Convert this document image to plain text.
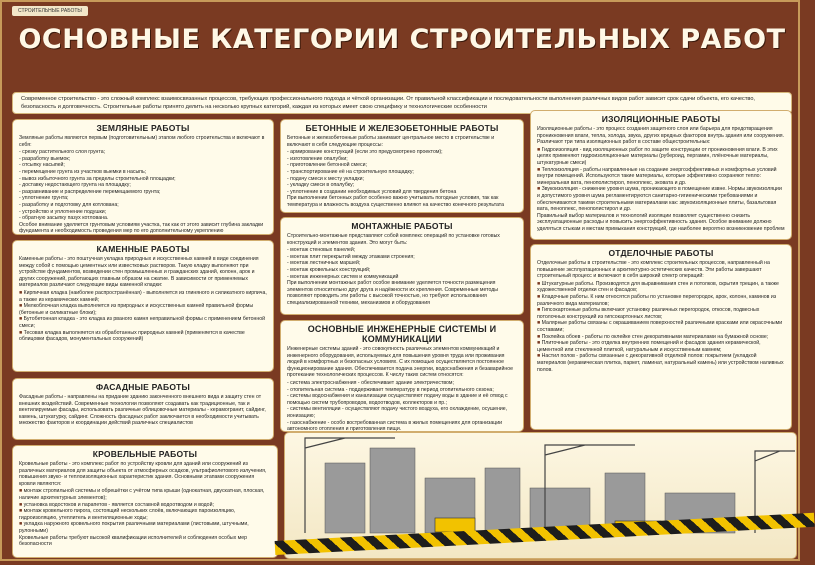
СТРОИТЕЛЬНЫЕ РАБОТЫ
ОСНОВНЫЕ КАТЕГОРИИ СТРОИТЕЛЬНЫХ РАБОТ
Современное строительство - это сложный комплекс взаимосвязанных процессов, требующих профессионального подхода и чёткой организации. От правильной классификации и последовательности выполнения различных видов работ зависит срок сдачи объекта, его качество, безопасность и долговечность. Строительные работы принято делить на несколько крупных категорий, каждая из которых имеет свою специфику и технологические особенности
ЗЕМЛЯНЫЕ РАБОТЫ

Земляные работы являются первым (подготовительным) этапом любого строительства и включают в себя:

- срезку растительного слоя грунта;
- разработку выемок;
- отсыпку насыпей;
- перемещение грунта из участков выемки в насыпь;
- вывоз избыточного грунта за пределы строительной площадки;
- доставку недостающего грунта на площадку;
- разравнивание и распределение перемещаемого грунта;
- уплотнение грунта;
- разработку и подготовку для котлована;
- устройство и уплотнение подушки;
- обратную засыпку пазух котлована.

Особое внимание уделяется грунтовым условиям участка, так как от этого зависит глубина закладки фундамента и необходимость проведения мер по его дополнительному укреплению

БЕТОННЫЕ И ЖЕЛЕЗОБЕТОННЫЕ РАБОТЫ

Бетонные и железобетонные работы занимают центральное место в строительстве и включают в себя следующие процессы:

- армирование конструкций (если это предусмотрено проектом);
- изготовление опалубки;
- приготовление бетонной смеси;
- транспортирование её на строительную площадку;
- подачу смеси к месту укладки;
- укладку смеси в опалубку;
- уплотнение в создании необходимых условий для твердения бетона

При выполнении бетонных работ особенно важно учитывать погодные условия, так как температура и влажность воздуха существенно влияют на качество конечного результата

МОНТАЖНЫЕ РАБОТЫ

Строительно-монтажные представляют собой комплекс операций по установке готовых конструкций и элементов здания. Это могут быть:

- монтаж стеновых панелей;
- монтаж плит перекрытий между этажами строения;
- монтаж лестничных маршей;
- монтаж кровельных конструкций;
- монтаж инженерных систем и коммуникаций

При выполнении монтажных работ особое внимание уделяется точности размещения элементов относительно друг друга и надёжности их крепления. Современные методы позволяют проводить эти работы с высокой точностью, но требуют использования специализированной техники, механизмов и оборудования

ИЗОЛЯЦИОННЫЕ РАБОТЫ

Изоляционные работы - это процесс создания защитного слоя или барьера для предотвращения проникновения влаги, тепла, холода, звука, других вредных факторов внутрь здания или сооружения. Различают три типа изоляционных работ в составе общестроительных:

■ Гидроизоляция - вид изоляционных работ по защите конструкции от проникновения влаги. В этих целях применяют гидроизоляционные материалы (рубероид, пергамин, плёночные материалы, штукатурные смеси)
■ Теплоизоляция - работы направленные на создание энергоэффективных и комфортных условий внутри помещений. Используются такие материалы, которые эффективно сохраняют тепло: минеральная вата, пенополистирол, пеноплекс, эковата и др.
■ Звукоизоляция - снижение уровня шума, проникающего в помещение извне. Нормы звукоизоляции и допустимого уровня шума регламентируются санитарно-гигиеническими требованиями и обеспечиваются такими строительными материалами как: звукоизоляционные плиты, базальтовая вата, пеноплекс, пенополистирол и др.

Правильный выбор материалов и технологий изоляции позволяет существенно снизить эксплуатационные расходы и повысить энергоэффективность здания. Особое внимание должно уделяться стыкам и местам примыкания конструкций, где наиболее вероятно возникновение проблем

КАМЕННЫЕ РАБОТЫ

Каменные работы - это поштучная укладка природных и искусственных камней в виде соединения между собой с помощью цементных или известковых растворов. Такую кладку выполняют при устройстве фундаментов, возведении стен промышленных и гражданских зданий, колонн, арок и других сооружений, работающих главным образом на сжатие. В зависимости от применяемых материалов различают следующие виды каменной кладки:

■ Кирпичная кладка (наиболее распространённая) - выполняется из глиняного и силикатного кирпича, а также из керамических камней;
■ Мелкоблочная кладка выполняется из природных и искусственных камней правильной формы (бетонные и силикатные блоки);
■ Бутобетонная кладка - это кладка из рваного камня неправильной формы с применением бетонной смеси;
■ Тесовая кладка выполняется из обработанных природных камней (применяется в качестве облицовки фасадов, монументальных сооружений)
ФАСАДНЫЕ РАБОТЫ

Фасадные работы - направлены на придание зданию законченного внешнего вида и защиту стен от внешних воздействий. Современные технологии позволяют создавать как традиционные, так и вентилируемые фасады, использовать различные облицовочные материалы - керамогранит, сайдинг, камень, штукатурку, сайдинг. Сложность фасадных работ заключается в необходимости учитывать множество факторов и координации действий различных специалистов

КРОВЕЛЬНЫЕ РАБОТЫ

Кровельные работы - это комплекс работ по устройству кровли для зданий или сооружений из различных материалов для защиты объекта от атмосферных осадков, ультрафиолетового излучения, повышения звуко- и теплоизоляционных характеристик здания. Основными этапами сооружения кровли являются:

■ монтаж стропильной системы и обрешётки с учётом типа крыши (однокатная, двускатная, плоская, наличие архитектурных элементов);
■ установка водостоков и парапетов - является составной водоотводом и водой;
■ монтаж кровельного пирога, состоящий нескольких слоёв, включающих пароизоляцию, гидроизоляцию, утеплитель и вентиляционные ходы;
■ укладка наружного кровельного покрытия различными материалами (листовыми, штучными, рулонными)

Кровельные работы требуют высокой квалификации исполнителей и соблюдения особых мер безопасности

ОСНОВНЫЕ ИНЖЕНЕРНЫЕ СИСТЕМЫ И КОММУНИКАЦИИ

Инженерные системы зданий - это совокупность различных элементов коммуникаций и инженерного оборудования, используемых для повышения уровня труда или проживания людей в комфортных и безопасных условиях. С их помощью осуществляется постоянное функционирование здания. Обеспечивается подача энергии, водоснабжения и безаварийное протекание технологических процессов. К числу таких систем относятся:

- система электроснабжения - обеспечивает здание электричеством;
- отопительная система - поддерживает температуру в период отопительного сезона;
- системы водоснабжения и канализации осуществляют подачу воды в здание и её отвод с помощью систем трубопроводов, водоотводов, коллекторов и пр.;
- системы вентиляции - осуществляют подачу чистого воздуха, его охлаждение, осушение, ионизацию;
- газоснабжение - особо востребованная система в жилых помещениях для организации автономного отопления и приготовления пищи.

ОТДЕЛОЧНЫЕ РАБОТЫ

Отделочные работы в строительстве - это комплекс строительных процессов, направленный на повышение эксплуатационных и архитектурно-эстетических качеств. Эти работы завершают строительный процесс и включают в себя широкий спектр операций:

■ Штукатурные работы. Производятся для выравнивания стен и потолков, скрытия трещин, а также художественной отделки стен и фасадов;
■ Кладочные работы. К ним относятся работы по установке перегородок, арок, колонн, каминов из различного вида материалов;
■ Гипсокартонные работы включают установку различных перегородок, откосов, подвесных потолочных конструкций из гипсокартонных листов;
■ Малярные работы связаны с окрашиванием поверхностей различными красками или окрасочными составами;
■ Поклейка обоев - работы по оклейке стен декоративными материалами на бумажной основе;
■ Плиточные работы - это отделка внутренних помещений и фасадов здания керамической, цементной или стеклянной плиткой, натуральным и искусственным камнем;
■ Настил полов - работы связанные с декоративной отделкой полов: покрытием (укладкой материалов (керамическая плитка, паркет, ламинат, натуральный камень) или устройством наливных полов.
